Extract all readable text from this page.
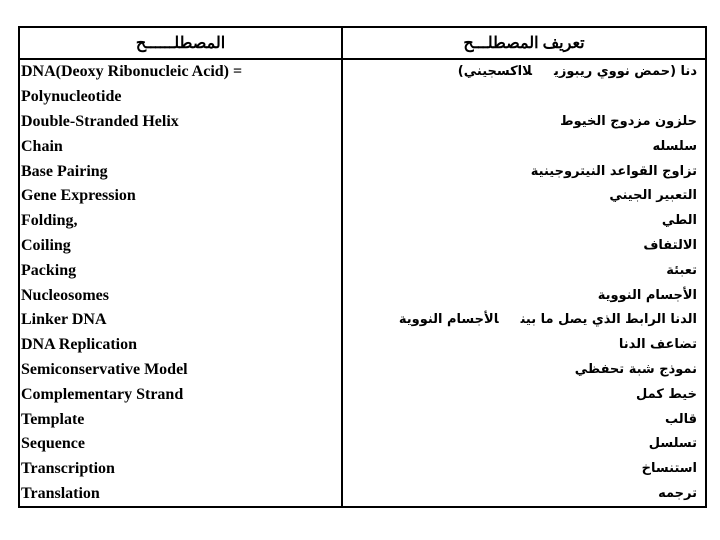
المصطلــــــح	تعريف المصطلـــح
DNA(Deoxy Ribonucleic Acid) =	دنا (حمض نووي ريبوزيلااكسجيني)
Polynucleotide	
Double-Stranded Helix	حلزون مزدوج الخيوط
Chain	سلسله
Base Pairing	تزاوج القواعد النيتروجينية
Gene Expression	التعبير الجيني
Folding,	الطي
Coiling	الالتفاف
Packing	تعبئة
Nucleosomes	الأجسام النووية
Linker DNA	الدنا الرابط الذي يصل ما بينالأجسام النووية
DNA Replication	تضاعف الدنا
Semiconservative Model	نموذج شبة تحفظي
Complementary Strand	خيط كمل
Template	قالب
Sequence	تسلسل
Transcription	استنساخ
Translation	ترجمه
